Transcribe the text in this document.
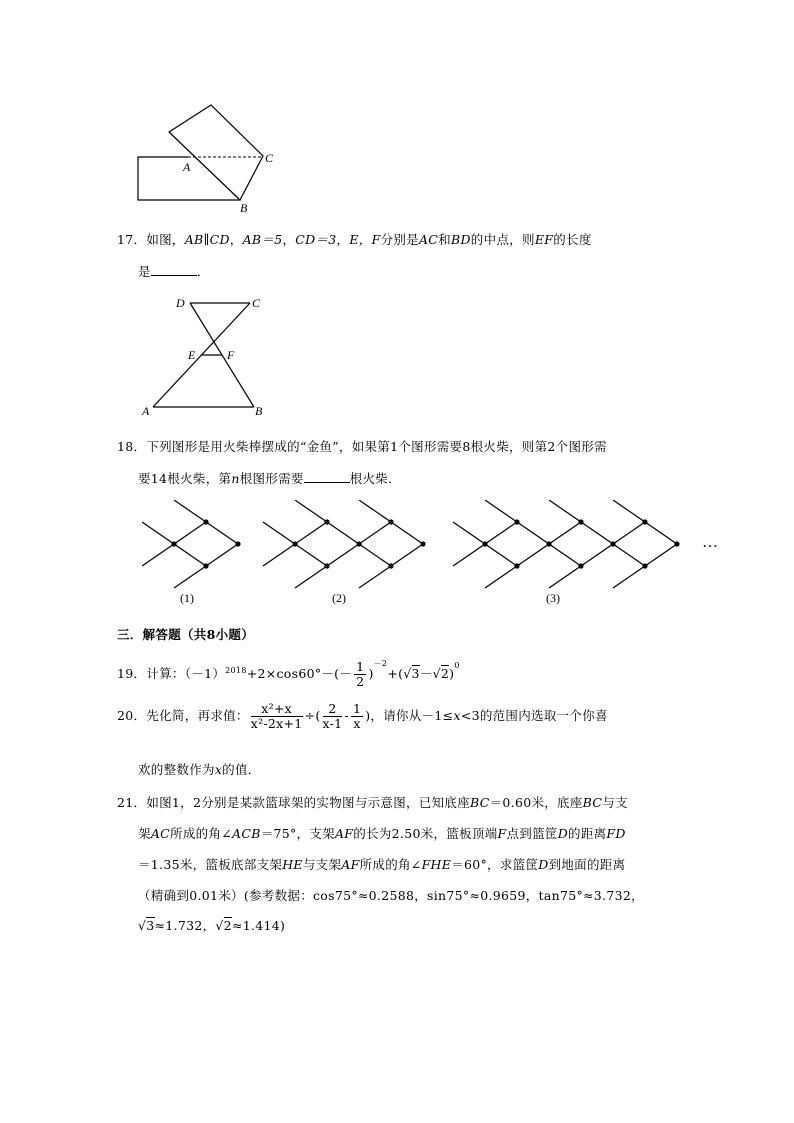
A
B
C
17．如图，AB∥CD，AB＝5，CD＝3，E，F分别是AC和BD的中点，则EF的长度
是	．
D	C
E	F
A	B
18．下列图形是用火柴棒摆成的“金鱼”，如果第1个图形需要8根火柴，则第2个图形需
要14根火柴，第n根图形需要	根火柴．
(1)	(2)	(3)
…
三．解答题（共8小题）
19．计算：$(-1)^{2018}+2\times\cos 60^\circ-(- \frac{1}{2} )^{-2}+(√3-√2)^0$
20．先化简，再求值： $\frac{\text{x²+x}}{\text{x²-2x+1}}$ ÷( $\frac{2}{x-1} - \frac{1}{x}$ )，请你从－1≤x<3的范围内选取一个你喜
欢的整数作为x的值．
21．如图1，2分别是某款篮球架的实物图与示意图，已知底座BC＝0.60米，底座BC与支
架AC所成的角∠ACB＝75°，支架AF的长为2.50米，篮板顶端F点到篮筐D的距离FD
＝1.35米，篮板底部支架HE与支架AF所成的角∠FHE＝60°，求篮筐D到地面的距离
（精确到0.01米）(参考数据：cos75°≈0.2588，sin75°≈0.9659，tan75°≈3.732，
√3≈1.732，√2≈1.414)
